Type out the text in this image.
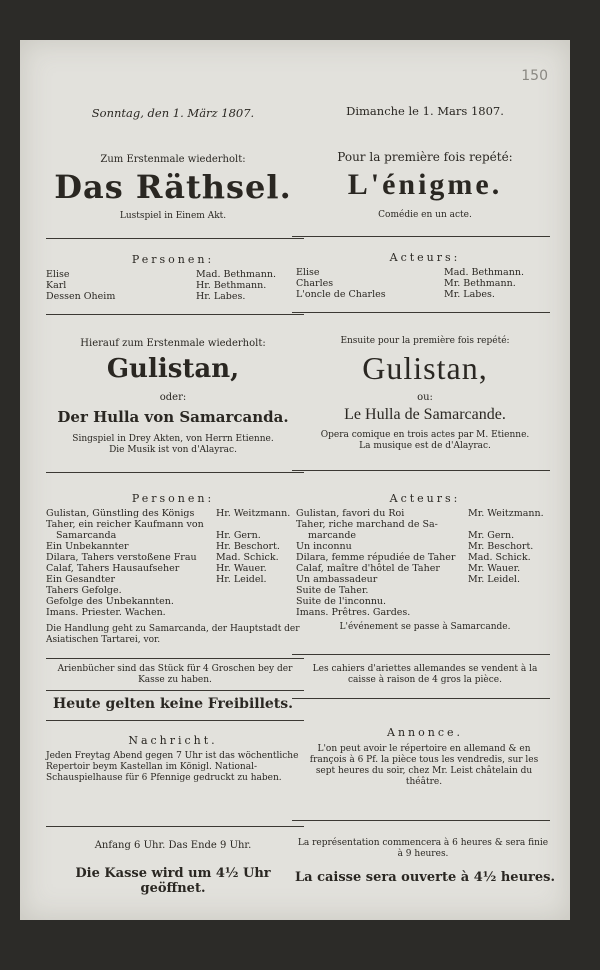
150
Sonntag, den 1. März 1807.
Zum Erstenmale wiederholt:
Das Räthsel.
Lustspiel in Einem Akt.
Personen:
Elise	Mad. Bethmann.
Karl	Hr. Bethmann.
Dessen Oheim	Hr. Labes.
Hierauf zum Erstenmale wiederholt:
Gulistan,
oder:
Der Hulla von Samarcanda.
Singspiel in Drey Akten, von Herrn Etienne.
Die Musik ist von d'Alayrac.
Personen:
Gulistan, Günstling des Königs Hr. Weitzmann.
Taher, ein reicher Kaufmann von
Samarcanda	Hr. Gern.
Ein Unbekannter	Hr. Beschort.
Dilara, Tahers verstoßene Frau Mad. Schick.
Calaf, Tahers Hausaufseher	Hr. Wauer.
Ein Gesandter	Hr. Leidel.
Tahers Gefolge.
Gefolge des Unbekannten.
Imans. Priester. Wachen.
Die Handlung geht zu Samarcanda, der Hauptstadt der Asiatischen Tartarei, vor.
Arienbücher sind das Stück für 4 Groschen bey der Kasse zu haben.
Heute gelten keine Freibillets.
Nachricht.
Jeden Freytag Abend gegen 7 Uhr ist das wöchentliche Repertoir beym Kastellan im Königl. National-Schauspielhause für 6 Pfennige gedruckt zu haben.
Anfang 6 Uhr. Das Ende 9 Uhr.
Die Kasse wird um 4½ Uhr geöffnet.
Dimanche le 1. Mars 1807.
Pour la première fois repété:
L'énigme.
Comédie en un acte.
Acteurs:
Elise	Mad. Bethmann.
Charles	Mr. Bethmann.
L'oncle de Charles	Mr. Labes.
Ensuite pour la première fois repété:
Gulistan,
ou:
Le Hulla de Samarcande.
Opera comique en trois actes par M. Etienne.
La musique est de d'Alayrac.
Acteurs:
Gulistan, favori du Roi	Mr. Weitzmann.
Taher, riche marchand de Sa-
marcande	Mr. Gern.
Un inconnu	Mr. Beschort.
Dilara, femme répudiée de Taher Mad. Schick.
Calaf, maître d'hôtel de Taher	Mr. Wauer.
Un ambassadeur	Mr. Leidel.
Suite de Taher.
Suite de l'inconnu.
Imans. Prêtres. Gardes.
L'événement se passe à Samarcande.
Les cahiers d'ariettes allemandes se vendent à la caisse à raison de 4 gros la pièce.
Annonce.
L'on peut avoir le répertoire en allemand & en françois à 6 Pf. la pièce tous les vendredis, sur les sept heures du soir, chez Mr. Leist châtelain du théâtre.
La représentation commencera à 6 heures & sera finie à 9 heures.
La caisse sera ouverte à 4½ heures.
